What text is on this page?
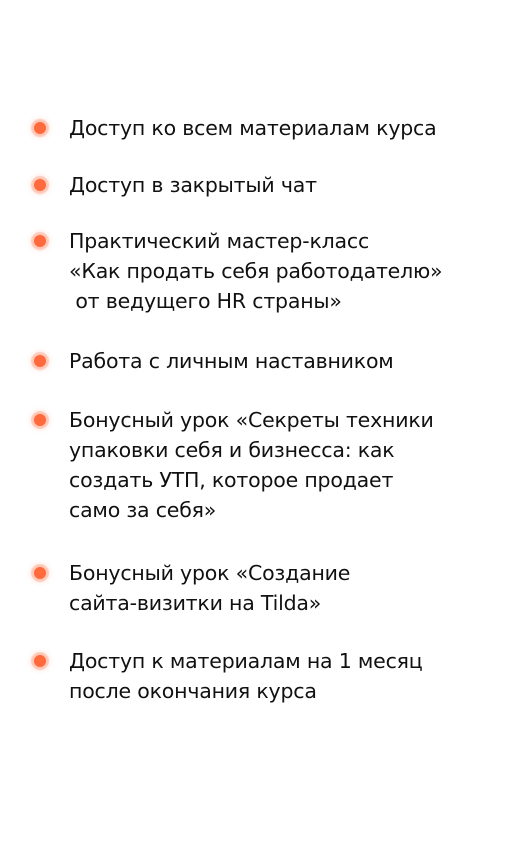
Доступ ко всем материалам курса
Доступ в закрытый чат
Практический мастер-класс
«Как продать себя работодателю»
от ведущего HR страны»
Работа с личным наставником
Бонусный урок «Секреты техники
упаковки себя и бизнесса: как
создать УТП, которое продает
само за себя»
Бонусный урок «Создание
сайта-визитки на Tilda»
Доступ к материалам на 1 месяц
после окончания курса
